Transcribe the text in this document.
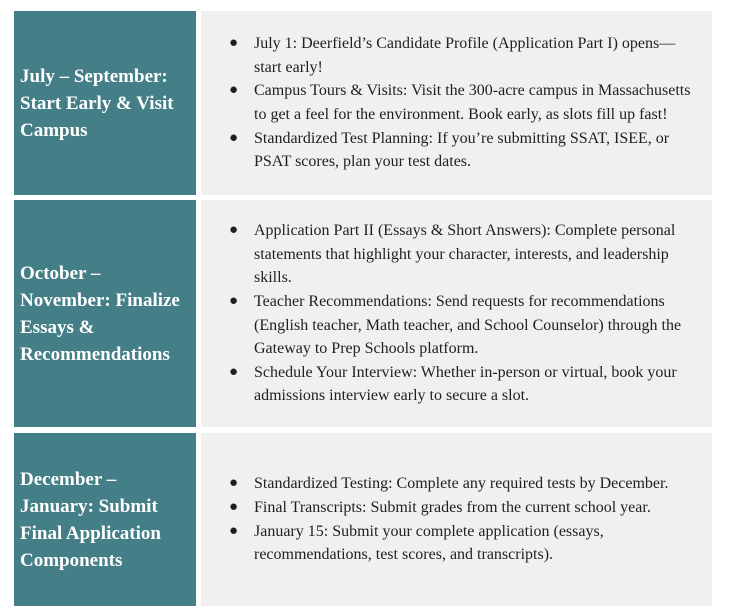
July – September: Start Early & Visit Campus
● July 1: Deerfield’s Candidate Profile (Application Part I) opens—start early!
● Campus Tours & Visits: Visit the 300-acre campus in Massachusetts to get a feel for the environment. Book early, as slots fill up fast!
● Standardized Test Planning: If you’re submitting SSAT, ISEE, or PSAT scores, plan your test dates.
October – November: Finalize Essays & Recommendations
● Application Part II (Essays & Short Answers): Complete personal statements that highlight your character, interests, and leadership skills.
● Teacher Recommendations: Send requests for recommendations (English teacher, Math teacher, and School Counselor) through the Gateway to Prep Schools platform.
● Schedule Your Interview: Whether in-person or virtual, book your admissions interview early to secure a slot.
December – January: Submit Final Application Components
● Standardized Testing: Complete any required tests by December.
● Final Transcripts: Submit grades from the current school year.
● January 15: Submit your complete application (essays, recommendations, test scores, and transcripts).
